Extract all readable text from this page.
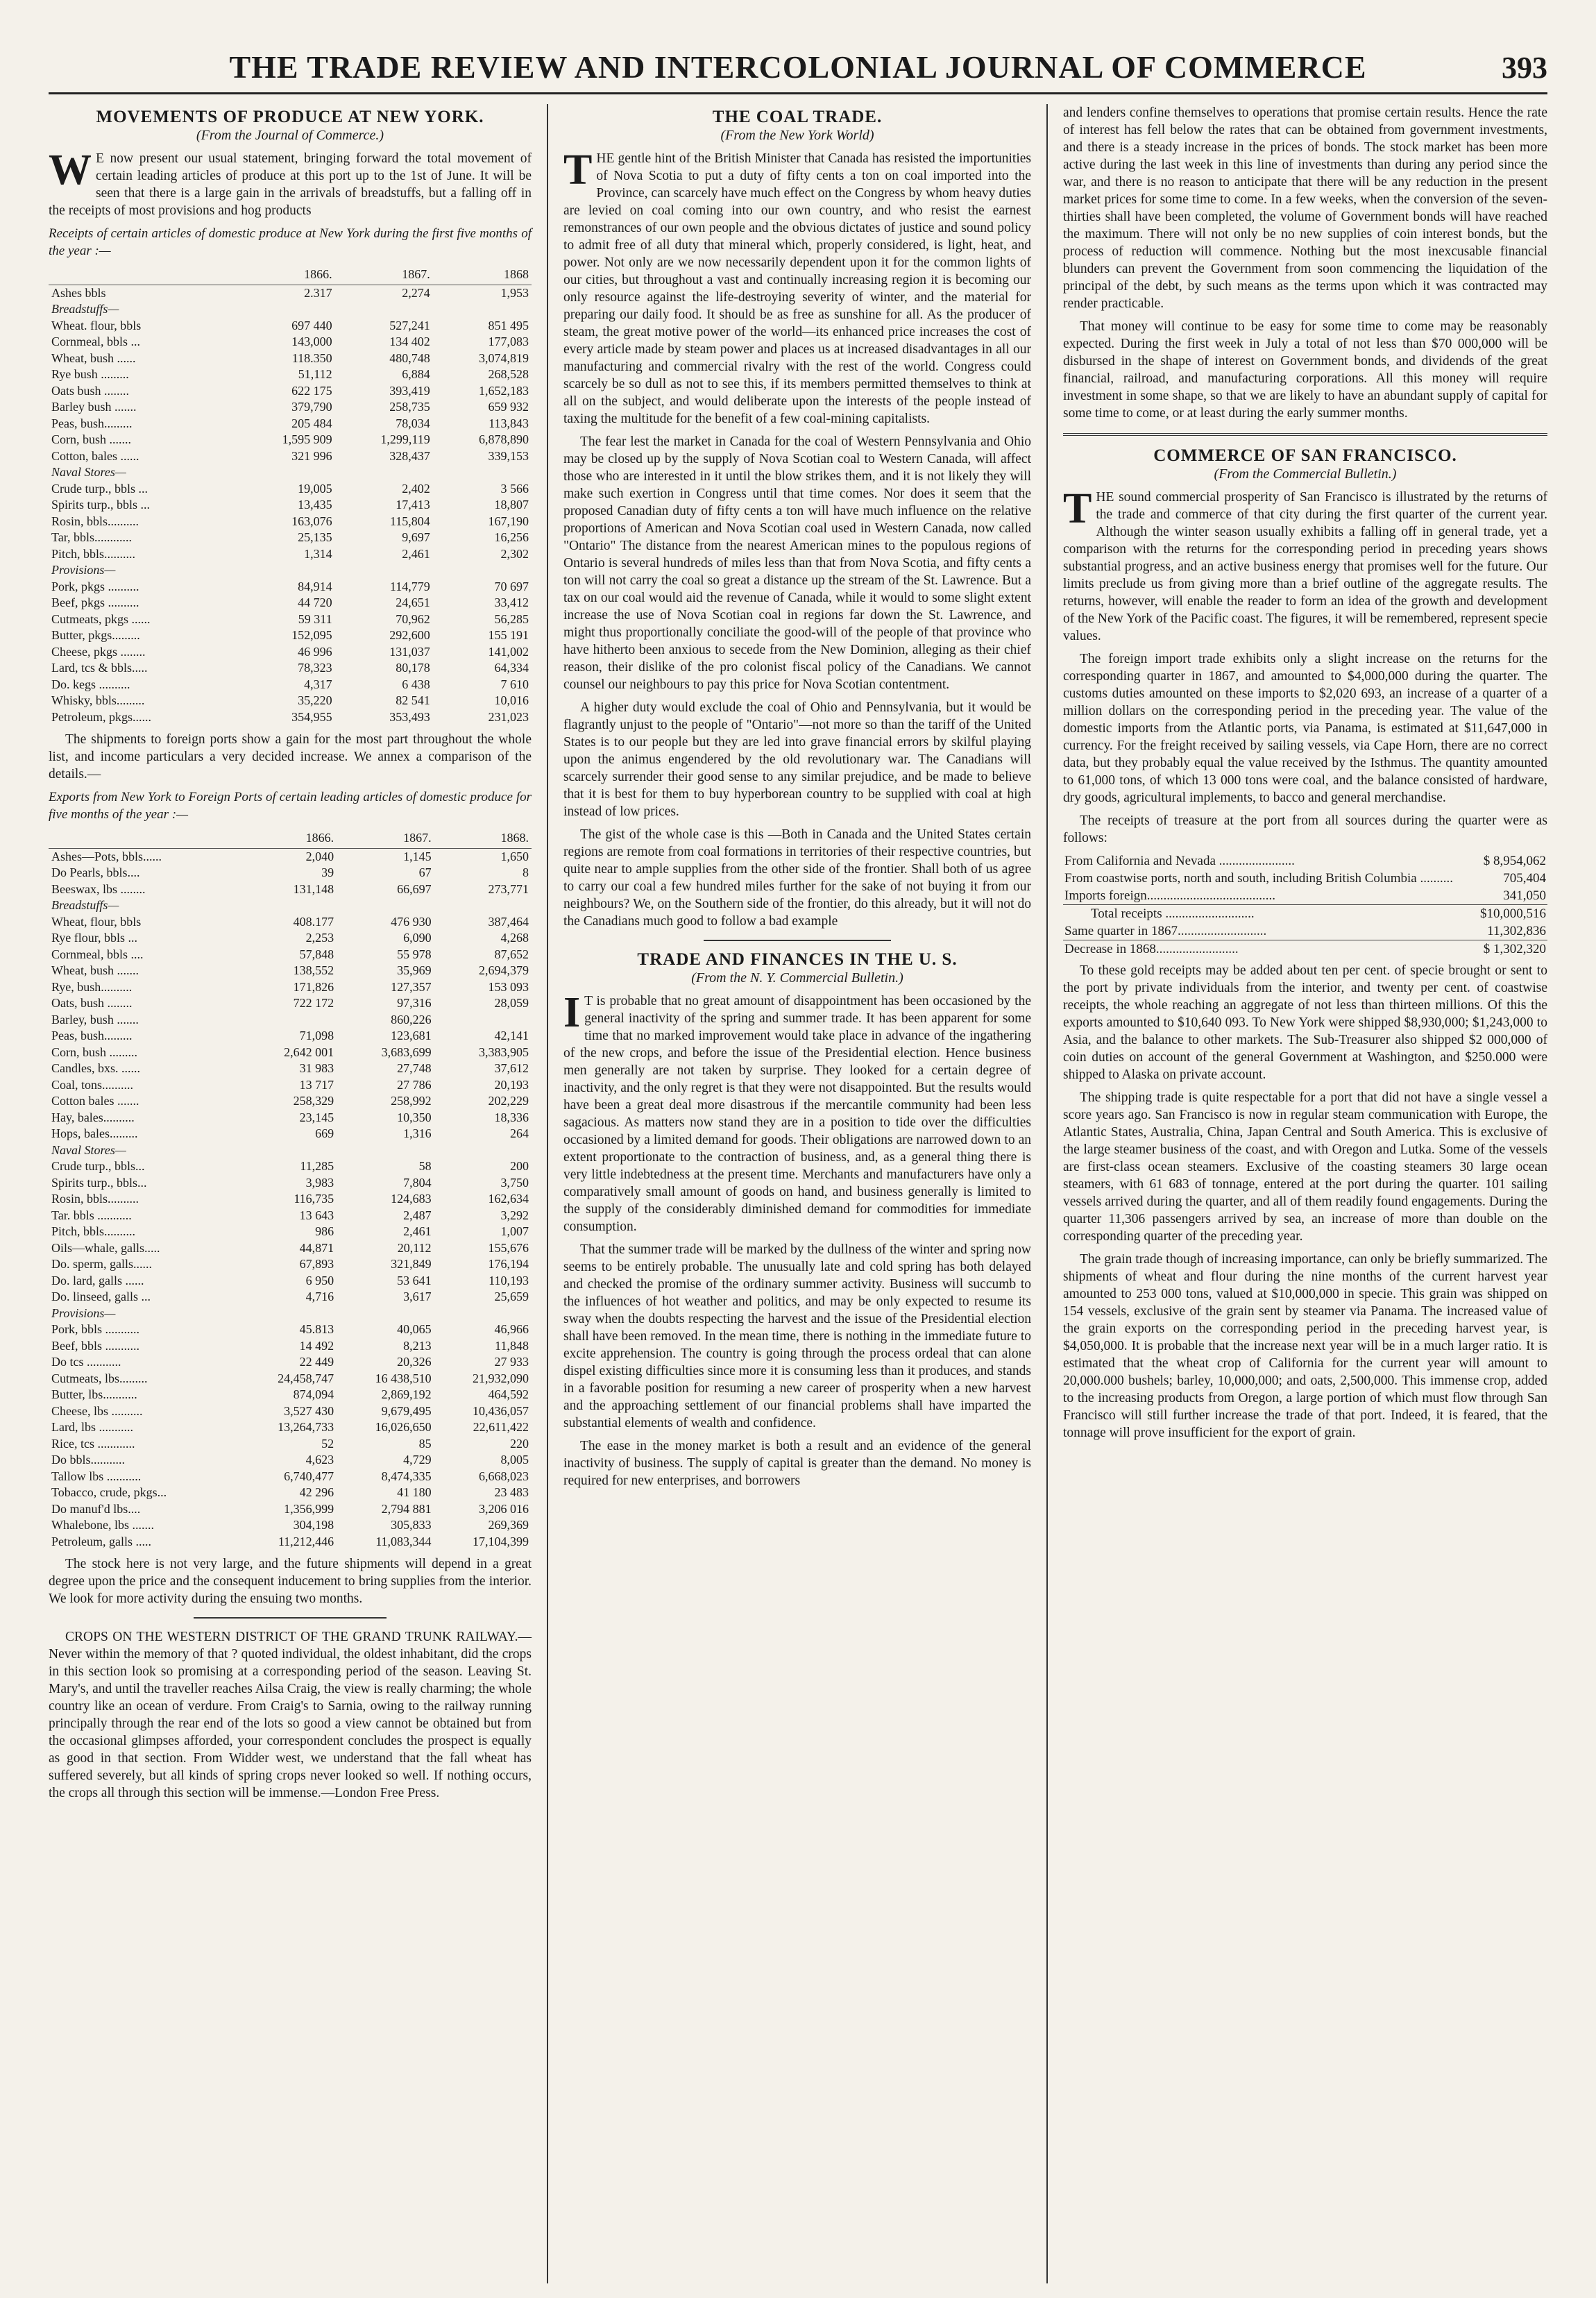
THE TRADE REVIEW AND INTERCOLONIAL JOURNAL OF COMMERCE	393
MOVEMENTS OF PRODUCE AT NEW YORK.
(From the Journal of Commerce.)

W E now present our usual statement, bringing forward the total movement of certain leading articles of produce at this port up to the 1st of June. It will be seen that there is a large gain in the arrivals of breadstuffs, but a falling off in the receipts of most provisions and hog products

Receipts of certain articles of domestic produce at New York during the first five months of the year :—

	1866.	1867.	1868
Ashes bbls	2.317	2,274	1,953
Breadstuffs—			
Wheat. flour, bbls	697 440	527,241	851 495
Cornmeal, bbls ...	143,000	134 402	177,083
Wheat, bush ......	118.350	480,748	3,074,819
Rye bush .........	51,112	6,884	268,528
Oats bush ........	622 175	393,419	1,652,183
Barley bush .......	379,790	258,735	659 932
Peas, bush.........	205 484	78,034	113,843
Corn, bush .......	1,595 909	1,299,119	6,878,890
Cotton, bales ......	321 996	328,437	339,153
Naval Stores—			
Crude turp., bbls ...	19,005	2,402	3 566
Spirits turp., bbls ...	13,435	17,413	18,807
Rosin, bbls..........	163,076	115,804	167,190
Tar, bbls............	25,135	9,697	16,256
Pitch, bbls..........	1,314	2,461	2,302
Provisions—			
Pork, pkgs ..........	84,914	114,779	70 697
Beef, pkgs ..........	44 720	24,651	33,412
Cutmeats, pkgs ......	59 311	70,962	56,285
Butter, pkgs.........	152,095	292,600	155 191
Cheese, pkgs ........	46 996	131,037	141,002
Lard, tcs & bbls.....	78,323	80,178	64,334
Do. kegs ..........	4,317	6 438	7 610
Whisky, bbls.........	35,220	82 541	10,016
Petroleum, pkgs......	354,955	353,493	231,023

The shipments to foreign ports show a gain for the most part throughout the whole list, and income particulars a very decided increase. We annex a comparison of the details.—

Exports from New York to Foreign Ports of certain leading articles of domestic produce for five months of the year :—

	1866.	1867.	1868.
Ashes—Pots, bbls......	2,040	1,145	1,650
Do Pearls, bbls....	39	67	8
Beeswax, lbs ........	131,148	66,697	273,771
Breadstuffs—			
Wheat, flour, bbls	408.177	476 930	387,464
Rye flour, bbls ...	2,253	6,090	4,268
Cornmeal, bbls ....	57,848	55 978	87,652
Wheat, bush .......	138,552	35,969	2,694,379
Rye, bush..........	171,826	127,357	153 093
Oats, bush ........	722 172	97,316	28,059
Barley, bush .......		860,226	
Peas, bush.........	71,098	123,681	42,141
Corn, bush .........	2,642 001	3,683,699	3,383,905
Candles, bxs. ......	31 983	27,748	37,612
Coal, tons..........	13 717	27 786	20,193
Cotton bales .......	258,329	258,992	202,229
Hay, bales..........	23,145	10,350	18,336
Hops, bales.........	669	1,316	264
Naval Stores—			
Crude turp., bbls...	11,285	58	200
Spirits turp., bbls...	3,983	7,804	3,750
Rosin, bbls..........	116,735	124,683	162,634
Tar. bbls ...........	13 643	2,487	3,292
Pitch, bbls..........	986	2,461	1,007
Oils—whale, galls.....	44,871	20,112	155,676
Do. sperm, galls......	67,893	321,849	176,194
Do. lard, galls ......	6 950	53 641	110,193
Do. linseed, galls ...	4,716	3,617	25,659
Provisions—			
Pork, bbls ...........	45.813	40,065	46,966
Beef, bbls ...........	14 492	8,213	11,848
Do tcs ...........	22 449	20,326	27 933
Cutmeats, lbs.........	24,458,747	16 438,510	21,932,090
Butter, lbs...........	874,094	2,869,192	464,592
Cheese, lbs ..........	3,527 430	9,679,495	10,436,057
Lard, lbs ...........	13,264,733	16,026,650	22,611,422
Rice, tcs ............	52	85	220
Do bbls...........	4,623	4,729	8,005
Tallow lbs ...........	6,740,477	8,474,335	6,668,023
Tobacco, crude, pkgs...	42 296	41 180	23 483
Do manuf'd lbs....	1,356,999	2,794 881	3,206 016
Whalebone, lbs .......	304,198	305,833	269,369
Petroleum, galls .....	11,212,446	11,083,344	17,104,399

The stock here is not very large, and the future shipments will depend in a great degree upon the price and the consequent inducement to bring supplies from the interior. We look for more activity during the ensuing two months.

CROPS ON THE WESTERN DISTRICT OF THE GRAND TRUNK RAILWAY.—Never within the memory of that ? quoted individual, the oldest inhabitant, did the crops in this section look so promising at a corresponding period of the season. Leaving St. Mary's, and until the traveller reaches Ailsa Craig, the view is really charming; the whole country like an ocean of verdure. From Craig's to Sarnia, owing to the railway running principally through the rear end of the lots so good a view cannot be obtained but from the occasional glimpses afforded, your correspondent concludes the prospect is equally as good in that section. From Widder west, we understand that the fall wheat has suffered severely, but all kinds of spring crops never looked so well. If nothing occurs, the crops all through this section will be immense.—London Free Press.

THE COAL TRADE.
(From the New York World)

THE gentle hint of the British Minister that Canada has resisted the importunities of Nova Scotia to put a duty of fifty cents a ton on coal imported into the Province, can scarcely have much effect on the Congress by whom heavy duties are levied on coal coming into our own country, and who resist the earnest remonstrances of our own people and the obvious dictates of justice and sound policy to admit free of all duty that mineral which, properly considered, is light, heat, and power. Not only are we now necessarily dependent upon it for the common lights of our cities, but throughout a vast and continually increasing region it is becoming our only resource against the life-destroying severity of winter, and the material for preparing our daily food. It should be as free as sunshine for all. As the producer of steam, the great motive power of the world—its enhanced price increases the cost of every article made by steam power and places us at increased disadvantages in all our manufacturing and commercial rivalry with the rest of the world. Congress could scarcely be so dull as not to see this, if its members permitted themselves to think at all on the subject, and would deliberate upon the interests of the people instead of taxing the multitude for the benefit of a few coal-mining capitalists.

The fear lest the market in Canada for the coal of Western Pennsylvania and Ohio may be closed up by the supply of Nova Scotian coal to Western Canada, will affect those who are interested in it until the blow strikes them, and it is not likely they will make such exertion in Congress until that time comes. Nor does it seem that the proposed Canadian duty of fifty cents a ton will have much influence on the relative proportions of American and Nova Scotian coal used in Western Canada, now called "Ontario" The distance from the nearest American mines to the populous regions of Ontario is several hundreds of miles less than that from Nova Scotia, and fifty cents a ton will not carry the coal so great a distance up the stream of the St. Lawrence. But a tax on our coal would aid the revenue of Canada, while it would to some slight extent increase the use of Nova Scotian coal in regions far down the St. Lawrence, and might thus proportionally conciliate the good-will of the people of that province who have hitherto been anxious to secede from the New Dominion, alleging as their chief reason, their dislike of the pro colonist fiscal policy of the Canadians. We cannot counsel our neighbours to pay this price for Nova Scotian contentment.

A higher duty would exclude the coal of Ohio and Pennsylvania, but it would be flagrantly unjust to the people of "Ontario"—not more so than the tariff of the United States is to our people but they are led into grave financial errors by skilful playing upon the animus engendered by the old revolutionary war. The Canadians will scarcely surrender their good sense to any similar prejudice, and be made to believe that it is best for them to buy hyperborean country to be supplied with coal at high instead of low prices.

The gist of the whole case is this —Both in Canada and the United States certain regions are remote from coal formations in territories of their respective countries, but quite near to ample supplies from the other side of the frontier. Shall both of us agree to carry our coal a few hundred miles further for the sake of not buying it from our neighbours? We, on the Southern side of the frontier, do this already, but it will not do the Canadians much good to follow a bad example

TRADE AND FINANCES IN THE U. S.
(From the N. Y. Commercial Bulletin.)

I T is probable that no great amount of disappointment has been occasioned by the general inactivity of the spring and summer trade. It has been apparent for some time that no marked improvement would take place in advance of the ingathering of the new crops, and before the issue of the Presidential election. Hence business men generally are not taken by surprise. They looked for a certain degree of inactivity, and the only regret is that they were not disappointed. But the results would have been a great deal more disastrous if the mercantile community had been less sagacious. As matters now stand they are in a position to tide over the difficulties occasioned by a limited demand for goods. Their obligations are narrowed down to an extent proportionate to the contraction of business, and, as a general thing there is very little indebtedness at the present time. Merchants and manufacturers have only a comparatively small amount of goods on hand, and business generally is limited to the supply of the considerably diminished demand for commodities for immediate consumption.

That the summer trade will be marked by the dullness of the winter and spring now seems to be entirely probable. The unusually late and cold spring has both delayed and checked the promise of the ordinary summer activity. Business will succumb to the influences of hot weather and politics, and may be only expected to resume its sway when the doubts respecting the harvest and the issue of the Presidential election shall have been removed. In the mean time, there is nothing in the immediate future to excite apprehension. The country is going through the process ordeal that can alone dispel existing difficulties since more it is consuming less than it produces, and stands in a favorable position for resuming a new career of prosperity when a new harvest and the approaching settlement of our financial problems shall have imparted the substantial elements of wealth and confidence.

The ease in the money market is both a result and an evidence of the general inactivity of business. The supply of capital is greater than the demand. No money is required for new enterprises, and borrowers

and lenders confine themselves to operations that promise certain results. Hence the rate of interest has fell below the rates that can be obtained from government investments, and there is a steady increase in the prices of bonds. The stock market has been more active during the last week in this line of investments than during any period since the war, and there is no reason to anticipate that there will be any reduction in the present market prices for some time to come. In a few weeks, when the conversion of the seven-thirties shall have been completed, the volume of Government bonds will have reached the maximum. There will not only be no new supplies of coin interest bonds, but the process of reduction will commence. Nothing but the most inexcusable financial blunders can prevent the Government from soon commencing the liquidation of the principal of the debt, by such means as the terms upon which it was contracted may render practicable.

That money will continue to be easy for some time to come may be reasonably expected. During the first week in July a total of not less than $70 000,000 will be disbursed in the shape of interest on Government bonds, and dividends of the great financial, railroad, and manufacturing corporations. All this money will require investment in some shape, so that we are likely to have an abundant supply of capital for some time to come, or at least during the early summer months.

COMMERCE OF SAN FRANCISCO.
(From the Commercial Bulletin.)

THE sound commercial prosperity of San Francisco is illustrated by the returns of the trade and commerce of that city during the first quarter of the current year. Although the winter season usually exhibits a falling off in general trade, yet a comparison with the returns for the corresponding period in preceding years shows substantial progress, and an active business energy that promises well for the future. Our limits preclude us from giving more than a brief outline of the aggregate results. The returns, however, will enable the reader to form an idea of the growth and development of the New York of the Pacific coast. The figures, it will be remembered, represent specie values.

The foreign import trade exhibits only a slight increase on the returns for the corresponding quarter in 1867, and amounted to $4,000,000 during the quarter. The customs duties amounted on these imports to $2,020 693, an increase of a quarter of a million dollars on the corresponding period in the preceding year. The value of the domestic imports from the Atlantic ports, via Panama, is estimated at $11,647,000 in currency. For the freight received by sailing vessels, via Cape Horn, there are no correct data, but they probably equal the value received by the Isthmus. The quantity amounted to 61,000 tons, of which 13 000 tons were coal, and the balance consisted of hardware, dry goods, agricultural implements, to bacco and general merchandise.

The receipts of treasure at the port from all sources during the quarter were as follows:

From California and Nevada .......................	$ 8,954,062
From coastwise ports, north and south, including British Columbia ..........	705,404
Imports foreign.......................................	341,050
Total receipts ...........................	$10,000,516
Same quarter in 1867...........................	11,302,836
Decrease in 1868.........................	$ 1,302,320

To these gold receipts may be added about ten per cent. of specie brought or sent to the port by private individuals from the interior, and twenty per cent. of coastwise receipts, the whole reaching an aggregate of not less than thirteen millions. Of this the exports amounted to $10,640 093. To New York were shipped $8,930,000; $1,243,000 to Asia, and the balance to other markets. The Sub-Treasurer also shipped $2 000,000 of coin duties on account of the general Government at Washington, and $250.000 were shipped to Alaska on private account.

The shipping trade is quite respectable for a port that did not have a single vessel a score years ago. San Francisco is now in regular steam communication with Europe, the Atlantic States, Australia, China, Japan Central and South America. This is exclusive of the large steamer business of the coast, and with Oregon and Lutka. Some of the vessels are first-class ocean steamers. Exclusive of the coasting steamers 30 large ocean steamers, with 61 683 of tonnage, entered at the port during the quarter. 101 sailing vessels arrived during the quarter, and all of them readily found engagements. During the quarter 11,306 passengers arrived by sea, an increase of more than double on the corresponding quarter of the preceding year.

The grain trade though of increasing importance, can only be briefly summarized. The shipments of wheat and flour during the nine months of the current harvest year amounted to 253 000 tons, valued at $10,000,000 in specie. This grain was shipped on 154 vessels, exclusive of the grain sent by steamer via Panama. The increased value of the grain exports on the corresponding period in the preceding harvest year, is $4,050,000. It is probable that the increase next year will be in a much larger ratio. It is estimated that the wheat crop of California for the current year will amount to 20,000.000 bushels; barley, 10,000,000; and oats, 2,500,000. This immense crop, added to the increasing products from Oregon, a large portion of which must flow through San Francisco will still further increase the trade of that port. Indeed, it is feared, that the tonnage will prove insufficient for the export of grain.
